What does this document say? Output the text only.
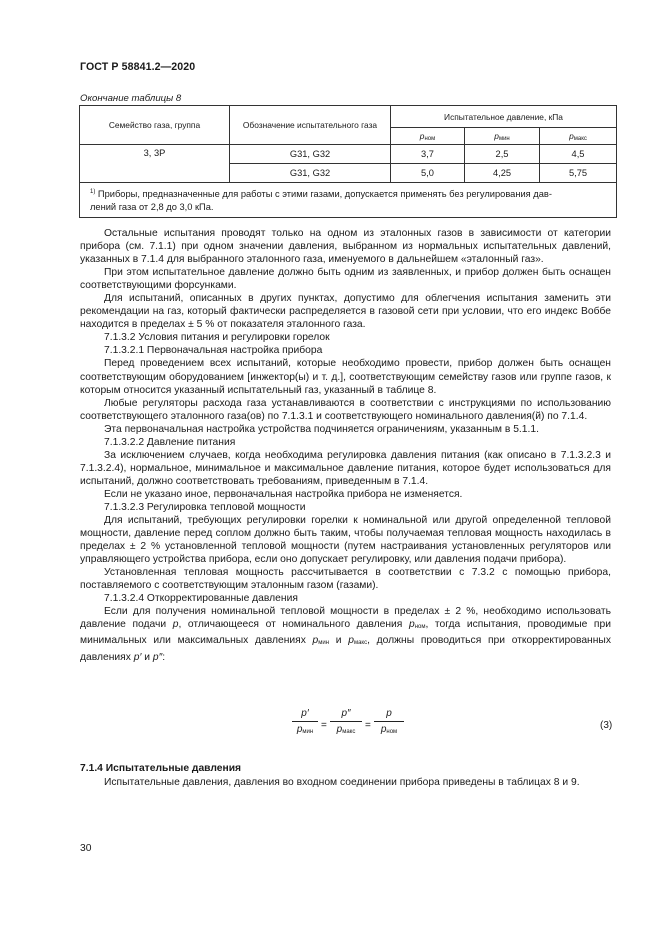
ГОСТ Р 58841.2—2020
Окончание таблицы 8
Семейство газа, группа	Обозначение испытательного газа	Испытательное давление, кПа		
		pном	pмин	pмакс
3, 3P	G31, G32	3,7	2,5	4,5
	G31, G32	5,0	4,25	5,75
$^{1)}$ Приборы, предназначенные для работы с этими газами, допускается применять без регулирования дав-
лений газа от 2,8 до 3,0 кПа.				

Остальные испытания проводят только на одном из эталонных газов в зависимости от категории прибора (см. 7.1.1) при одном значении давления, выбранном из нормальных испытательных давлений, указанных в 7.1.4 для выбранного эталонного газа, именуемого в дальнейшем «эталонный газ».

При этом испытательное давление должно быть одним из заявленных, и прибор должен быть оснащен соответствующими форсунками.

Для испытаний, описанных в других пунктах, допустимо для облегчения испытания заменить эти рекомендации на газ, который фактически распределяется в газовой сети при условии, что его индекс Воббе находится в пределах ± 5 % от показателя эталонного газа.

7.1.3.2 Условия питания и регулировки горелок

7.1.3.2.1 Первоначальная настройка прибора

Перед проведением всех испытаний, которые необходимо провести, прибор должен быть оснащен соответствующим оборудованием [инжектор(ы) и т. д.], соответствующим семейству газов или группе газов, к которым относится указанный испытательный газ, указанный в таблице 8.

Любые регуляторы расхода газа устанавливаются в соответствии с инструкциями по использованию соответствующего эталонного газа(ов) по 7.1.3.1 и соответствующего номинального давления(й) по 7.1.4.

Эта первоначальная настройка устройства подчиняется ограничениям, указанным в 5.1.1.

7.1.3.2.2 Давление питания

За исключением случаев, когда необходима регулировка давления питания (как описано в 7.1.3.2.3 и 7.1.3.2.4), нормальное, минимальное и максимальное давление питания, которое будет использоваться для испытаний, должно соответствовать требованиям, приведенным в 7.1.4.

Если не указано иное, первоначальная настройка прибора не изменяется.

7.1.3.2.3 Регулировка тепловой мощности

Для испытаний, требующих регулировки горелки к номинальной или другой определенной тепловой мощности, давление перед соплом должно быть таким, чтобы получаемая тепловая мощность находилась в пределах ± 2 % установленной тепловой мощности (путем настраивания установленных регуляторов или управляющего устройства прибора, если оно допускает регулировку, или давления подачи прибора).

Установленная тепловая мощность рассчитывается в соответствии с 7.3.2 с помощью прибора, поставляемого с соответствующим эталонным газом (газами).

7.1.3.2.4 Откорректированные давления

Если для получения номинальной тепловой мощности в пределах ± 2 %, необходимо использовать давление подачи p, отличающееся от номинального давления pном, тогда испытания, проводимые при минимальных или максимальных давлениях pмин и pмакс, должны проводиться при откорректированных давлениях p′ и p″:

p′
pмин
=
p″
pмакс
=
p
pном
(3)
7.1.4 Испытательные давления
Испытательные давления, давления во входном соединении прибора приведены в таблицах 8 и 9.
30
